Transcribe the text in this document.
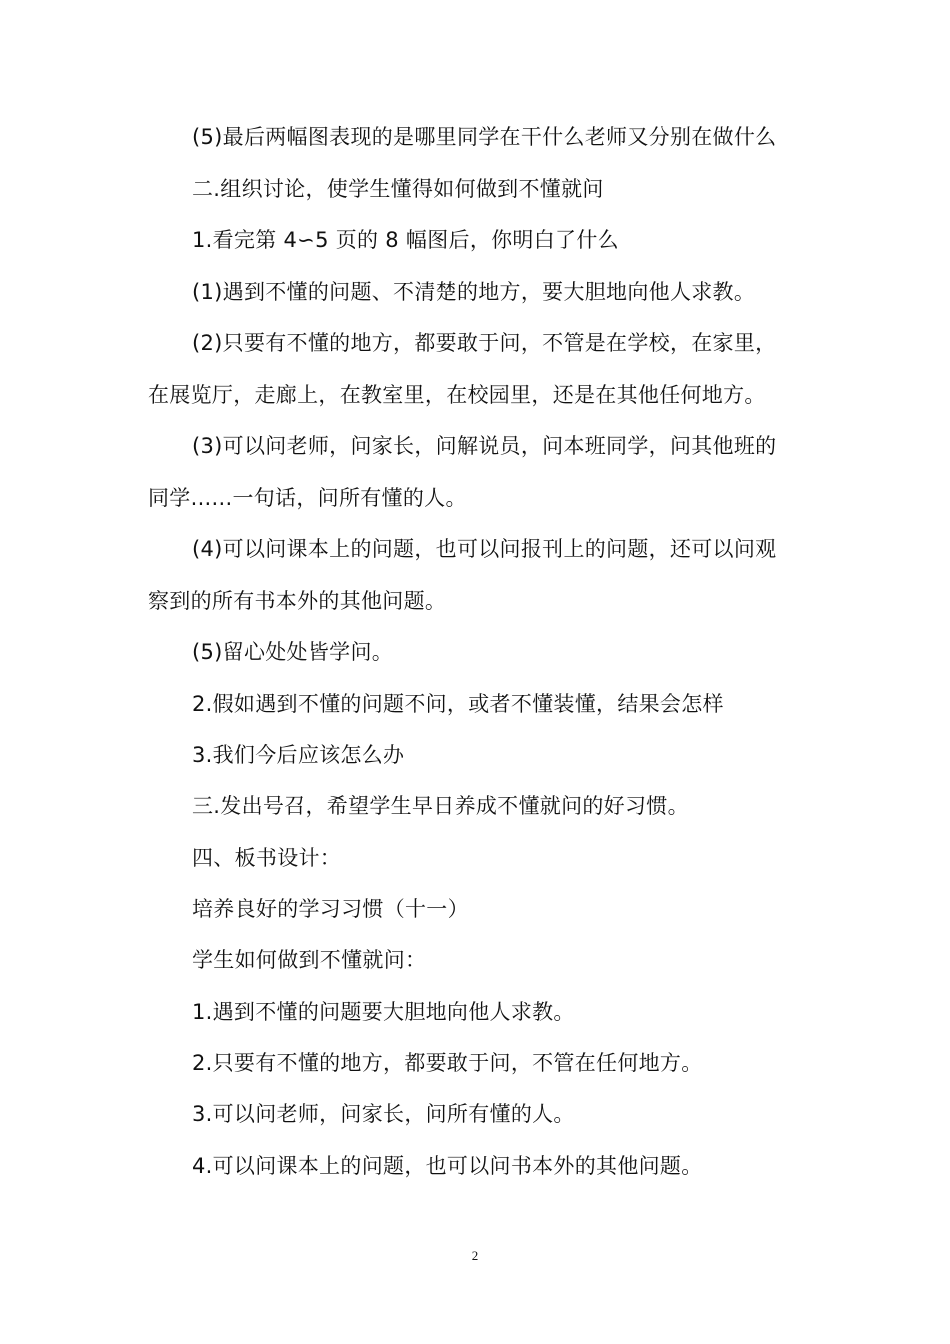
(5)最后两幅图表现的是哪里同学在干什么老师又分别在做什么
二.组织讨论，使学生懂得如何做到不懂就问
1.看完第 4∽5 页的 8 幅图后，你明白了什么
(1)遇到不懂的问题、不清楚的地方，要大胆地向他人求教。
(2)只要有不懂的地方，都要敢于问，不管是在学校，在家里，
在展览厅，走廊上，在教室里，在校园里，还是在其他任何地方。
(3)可以问老师，问家长，问解说员，问本班同学，问其他班的
同学......一句话，问所有懂的人。
(4)可以问课本上的问题，也可以问报刊上的问题，还可以问观
察到的所有书本外的其他问题。
(5)留心处处皆学问。
2.假如遇到不懂的问题不问，或者不懂装懂，结果会怎样
3.我们今后应该怎么办
三.发出号召，希望学生早日养成不懂就问的好习惯。
四、板书设计：
培养良好的学习习惯（十一）
学生如何做到不懂就问：
1.遇到不懂的问题要大胆地向他人求教。
2.只要有不懂的地方，都要敢于问，不管在任何地方。
3.可以问老师，问家长，问所有懂的人。
4.可以问课本上的问题，也可以问书本外的其他问题。
2
